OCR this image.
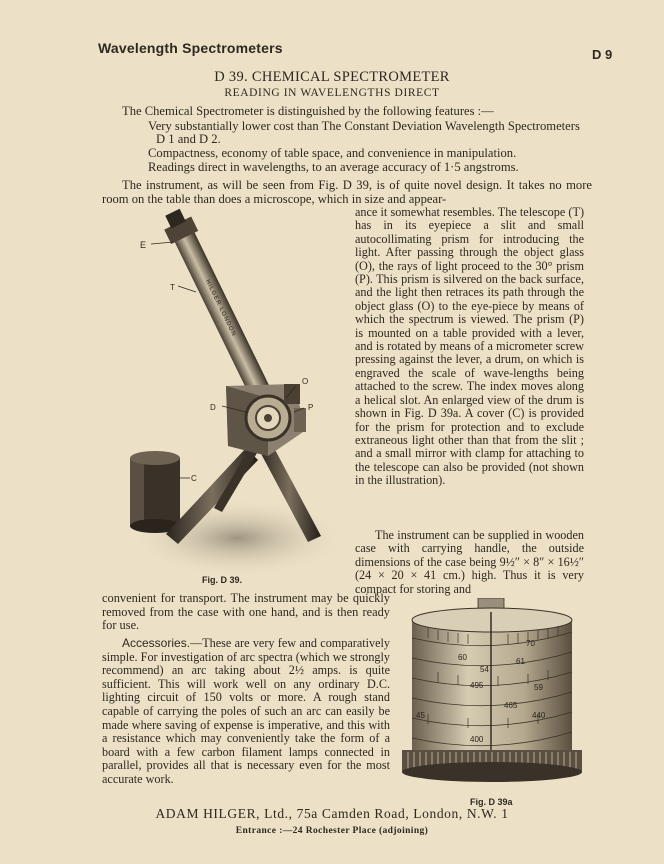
Wavelength Spectrometers	D 9
D 39. CHEMICAL SPECTROMETER
READING IN WAVELENGTHS DIRECT
The Chemical Spectrometer is distinguished by the following features :—

Very substantially lower cost than The Constant Deviation Wavelength Spectrometers D 1 and D 2.

Compactness, economy of table space, and convenience in manipulation.

Readings direct in wavelengths, to an average accuracy of 1·5 angstroms.

The instrument, as will be seen from Fig. D 39, is of quite novel design. It takes no more room on the table than does a microscope, which in size and appear-
ance it somewhat resembles. The telescope (T) has in its eyepiece a slit and small autocollimating prism for introducing the light. After passing through the object glass (O), the rays of light proceed to the 30° prism (P). This prism is silvered on the back surface, and the light then retraces its path through the object glass (O) to the eye-piece by means of which the spectrum is viewed. The prism (P) is mounted on a table provided with a lever, and is rotated by means of a micrometer screw pressing against the lever, a drum, on which is engraved the scale of wave-lengths being attached to the screw. The index moves along a helical slot. An enlarged view of the drum is shown in Fig. D 39a. A cover (C) is provided for the prism for protection and to exclude extraneous light other than that from the slit ; and a small mirror with clamp for attaching to the telescope can also be provided (not shown in the illustration).
The instrument can be supplied in wooden case with carrying handle, the outside dimensions of the case being 9½″ × 8″ × 16½″ (24 × 20 × 41 cm.) high. Thus it is very compact for storing and
convenient for transport. The instrument may be quickly removed from the case with one hand, and is then ready for use.
Accessories.—These are very few and comparatively simple. For investigation of arc spectra (which we strongly recommend) an arc taking about 2½ amps. is quite sufficient. This will work well on any ordinary D.C. lighting circuit of 150 volts or more. A rough stand capable of carrying the poles of such an arc can easily be made where saving of expense is imperative, and this with a resistance which may conveniently take the form of a board with a few carbon filament lamps connected in parallel, provides all that is necessary even for the most accurate work.
HILGER LONDON
E
T
O
D	P
C
Fig. D 39.
70
61
60
54
59
495
465
440
400
45
Fig. D 39a
ADAM HILGER, Ltd., 75a Camden Road, London, N.W. 1
Entrance :—24 Rochester Place (adjoining)
